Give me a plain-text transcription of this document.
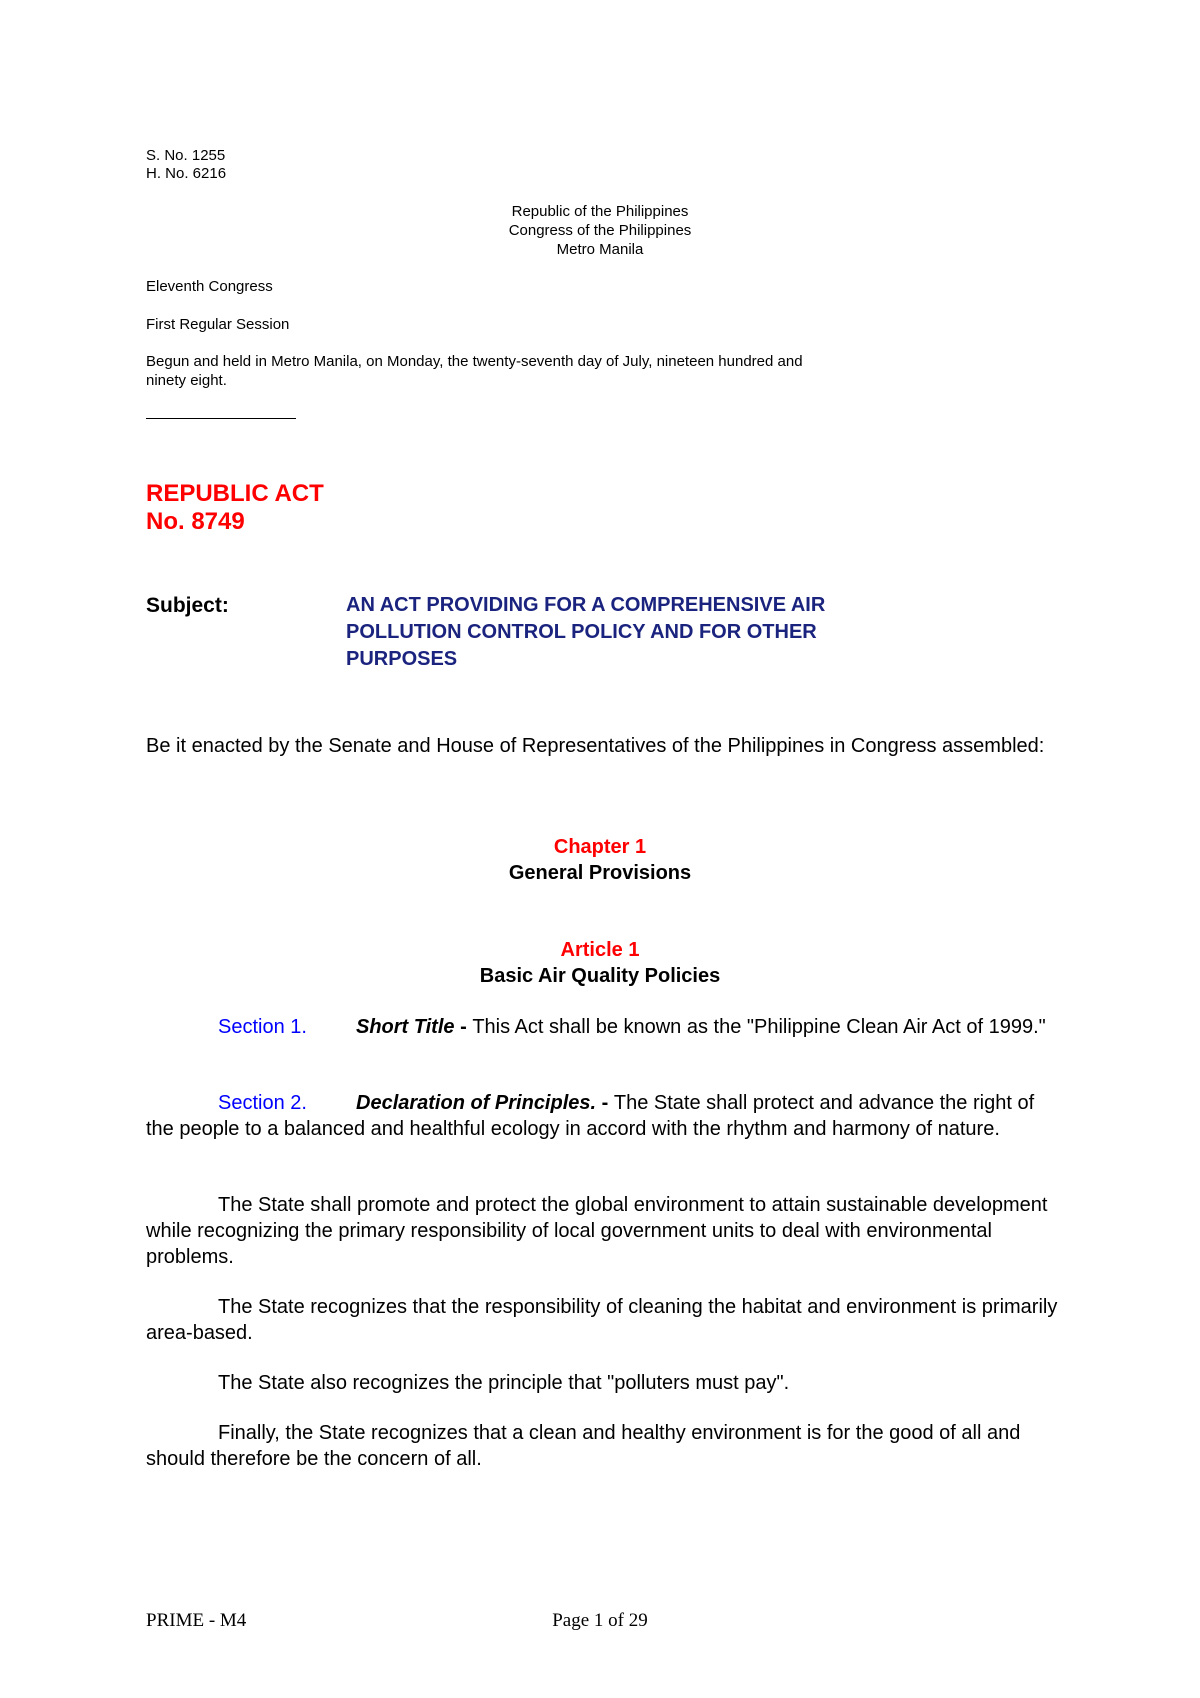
S. No. 1255
H. No. 6216
Republic of the Philippines
Congress of the Philippines
Metro Manila
Eleventh Congress
First Regular Session
Begun and held in Metro Manila, on Monday, the twenty-seventh day of July, nineteen hundred and
ninety eight.
REPUBLIC ACT
No. 8749
Subject:	AN ACT PROVIDING FOR A COMPREHENSIVE AIR POLLUTION CONTROL POLICY AND FOR OTHER PURPOSES
Be it enacted by the Senate and House of Representatives of the Philippines in Congress assembled:
Chapter 1
General Provisions
Article 1
Basic Air Quality Policies
Section 1. Short Title - This Act shall be known as the "Philippine Clean Air Act of 1999."
Section 2. Declaration of Principles. - The State shall protect and advance the right of the people to a balanced and healthful ecology in accord with the rhythm and harmony of nature.
The State shall promote and protect the global environment to attain sustainable development while recognizing the primary responsibility of local government units to deal with environmental problems.
The State recognizes that the responsibility of cleaning the habitat and environment is primarily area-based.
The State also recognizes the principle that "polluters must pay".
Finally, the State recognizes that a clean and healthy environment is for the good of all and should therefore be the concern of all.
PRIME - M4	Page 1 of 29
